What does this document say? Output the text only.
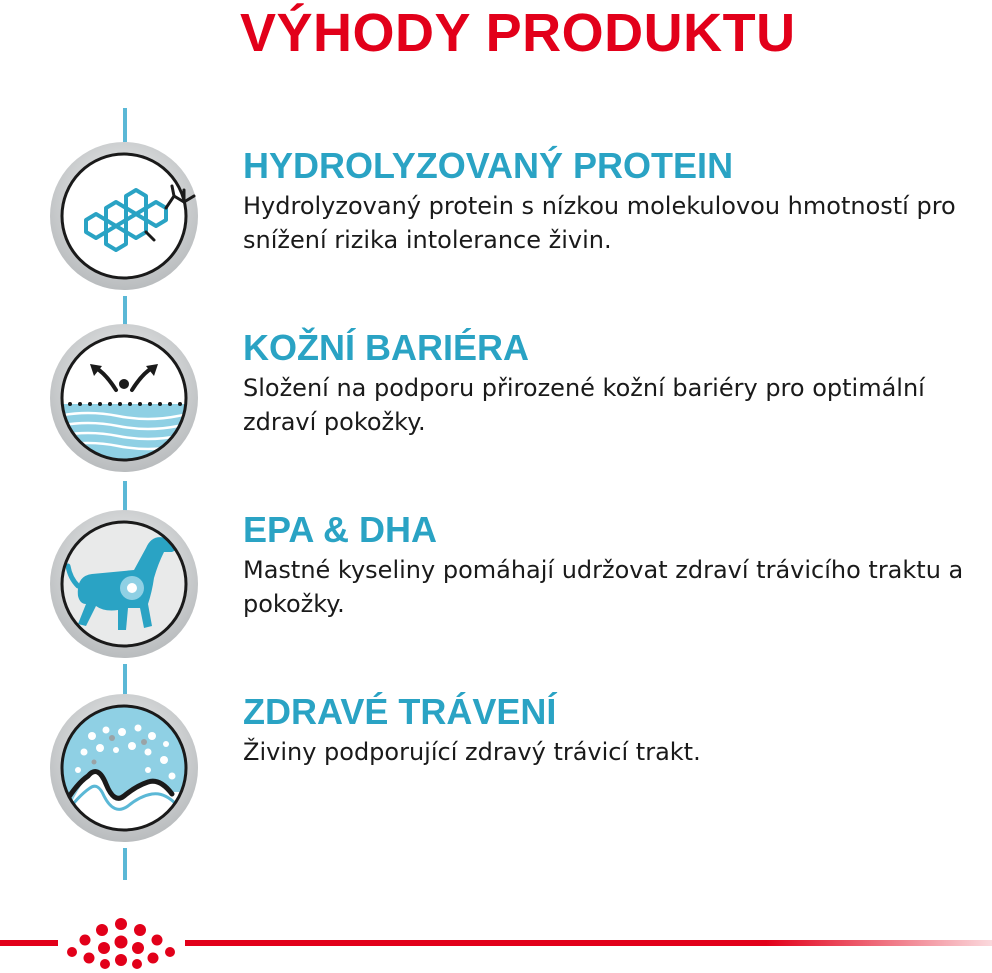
VÝHODY PRODUKTU
HYDROLYZOVANÝ PROTEIN
Hydrolyzovaný protein s nízkou molekulovou hmotností pro snížení rizika intolerance živin.
KOŽNÍ BARIÉRA
Složení na podporu přirozené kožní bariéry pro optimální zdraví pokožky.
EPA & DHA
Mastné kyseliny pomáhají udržovat zdraví trávicího traktu a pokožky.
ZDRAVÉ TRÁVENÍ
Živiny podporující zdravý trávicí trakt.
